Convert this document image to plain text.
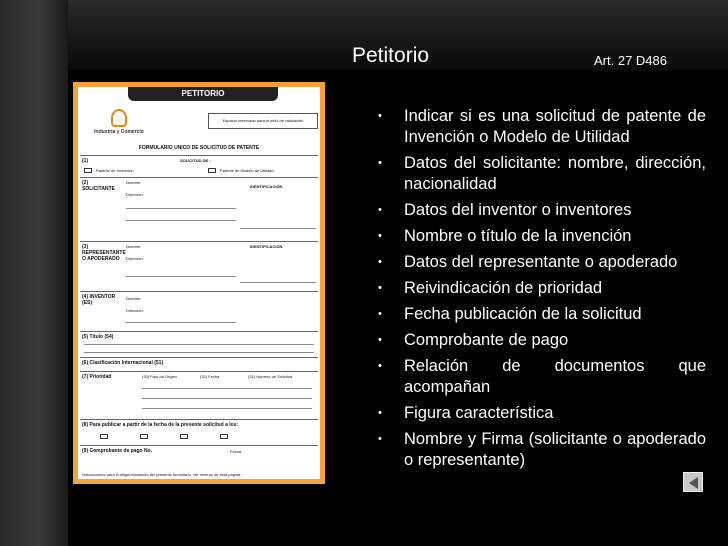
Petitorio	Art. 27 D486
PETITORIO
Industria y Comercio
Espacio reservado para el sello de radicación
FORMULARIO UNICO DE SOLICITUD DE PATENTE
(1)	SOLICITUD DE :
Patente de Invención	Patente de Modelo de Utilidad
(2) SOLICITANTE
Nombre:
Dirección:
IDENTIFICACIÓN
(3) REPRESENTANTE O APODERADO
Nombre:
Dirección:
IDENTIFICACIÓN
(4) INVENTOR (ES)
Nombre:
Dirección:
(5) Título (54)
(6) Clasificación Internacional (51)
(7) Prioridad	(33) País de Origen	(32) Fecha	(31) Número de Solicitud
(8) Para publicar a partir de la fecha de la presente solicitud a los:
(9) Comprobante de pago No.	Fecha
Instrucciones para el diligenciamiento del presente formulario, ver reverso de esta página.
• Indicar si es una solicitud de patente de Invención o Modelo de Utilidad
• Datos del solicitante: nombre, dirección, nacionalidad
• Datos del inventor o inventores
• Nombre o título de la invención
• Datos del representante o apoderado
• Reivindicación de prioridad
• Fecha publicación de la solicitud
• Comprobante de pago
• Relación de documentos que acompañan
• Figura característica
• Nombre y Firma (solicitante o apoderado o representante)
